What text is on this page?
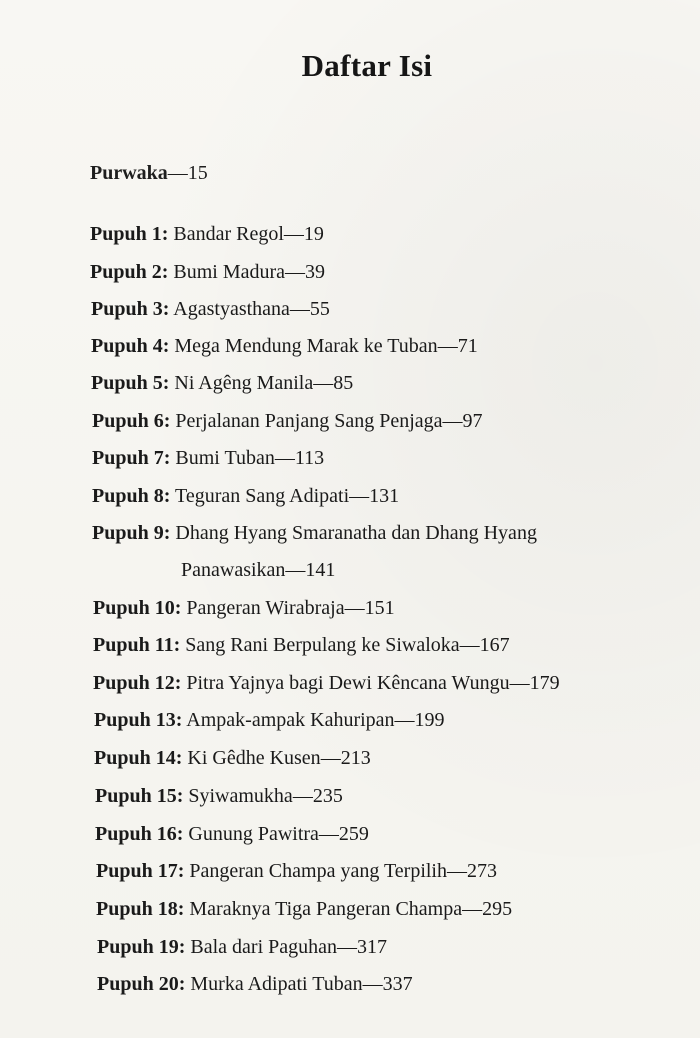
Daftar Isi
Purwaka—15
Pupuh 1: Bandar Regol—19
Pupuh 2: Bumi Madura—39
Pupuh 3: Agastyasthana—55
Pupuh 4: Mega Mendung Marak ke Tuban—71
Pupuh 5: Ni Agêng Manila—85
Pupuh 6: Perjalanan Panjang Sang Penjaga—97
Pupuh 7: Bumi Tuban—113
Pupuh 8: Teguran Sang Adipati—131
Pupuh 9: Dhang Hyang Smaranatha dan Dhang Hyang
Panawasikan—141
Pupuh 10: Pangeran Wirabraja—151
Pupuh 11: Sang Rani Berpulang ke Siwaloka—167
Pupuh 12: Pitra Yajnya bagi Dewi Kêncana Wungu—179
Pupuh 13: Ampak-ampak Kahuripan—199
Pupuh 14: Ki Gêdhe Kusen—213
Pupuh 15: Syiwamukha—235
Pupuh 16: Gunung Pawitra—259
Pupuh 17: Pangeran Champa yang Terpilih—273
Pupuh 18: Maraknya Tiga Pangeran Champa—295
Pupuh 19: Bala dari Paguhan—317
Pupuh 20: Murka Adipati Tuban—337
